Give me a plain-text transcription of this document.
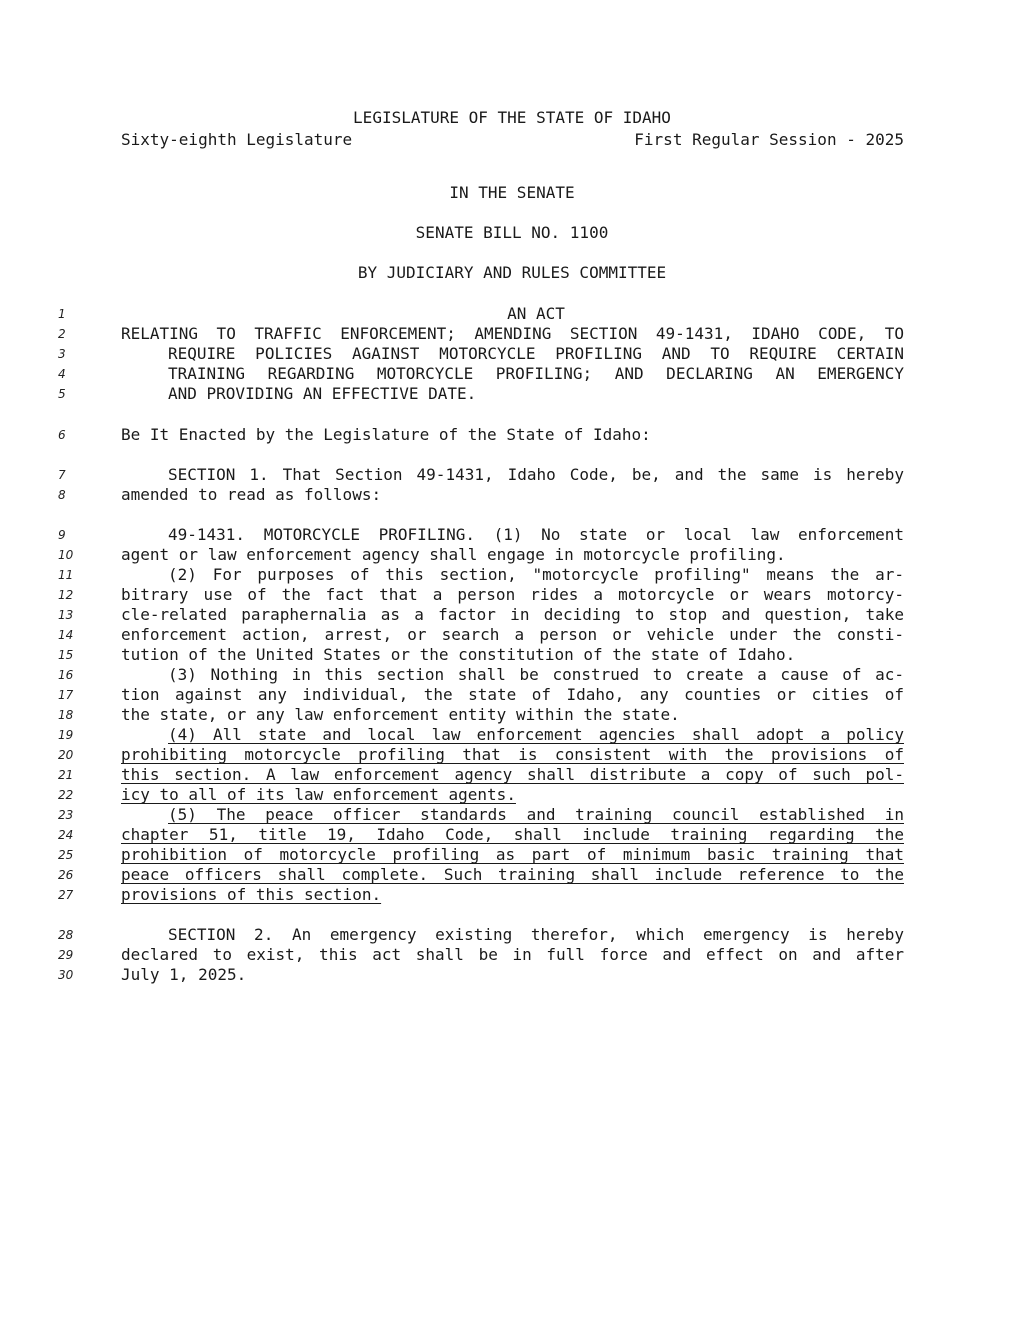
LEGISLATURE OF THE STATE OF IDAHO
Sixty-eighth Legislature	First Regular Session - 2025
IN THE SENATE
SENATE BILL NO. 1100
BY JUDICIARY AND RULES COMMITTEE
1	AN ACT
2	RELATING TO TRAFFIC ENFORCEMENT; AMENDING SECTION 49-1431, IDAHO CODE, TO
3	REQUIRE POLICIES AGAINST MOTORCYCLE PROFILING AND TO REQUIRE CERTAIN
4	TRAINING REGARDING MOTORCYCLE PROFILING; AND DECLARING AN EMERGENCY
5	AND PROVIDING AN EFFECTIVE DATE.
6	Be It Enacted by the Legislature of the State of Idaho:
7	SECTION 1. That Section 49-1431, Idaho Code, be, and the same is hereby
8	amended to read as follows:
9	49-1431. MOTORCYCLE PROFILING. (1) No state or local law enforcement
10	agent or law enforcement agency shall engage in motorcycle profiling.
11	(2) For purposes of this section, "motorcycle profiling" means the ar-
12	bitrary use of the fact that a person rides a motorcycle or wears motorcy-
13	cle-related paraphernalia as a factor in deciding to stop and question, take
14	enforcement action, arrest, or search a person or vehicle under the consti-
15	tution of the United States or the constitution of the state of Idaho.
16	(3) Nothing in this section shall be construed to create a cause of ac-
17	tion against any individual, the state of Idaho, any counties or cities of
18	the state, or any law enforcement entity within the state.
19	(4) All state and local law enforcement agencies shall adopt a policy
20	prohibiting motorcycle profiling that is consistent with the provisions of
21	this section. A law enforcement agency shall distribute a copy of such pol-
22	icy to all of its law enforcement agents.
23	(5) The peace officer standards and training council established in
24	chapter 51, title 19, Idaho Code, shall include training regarding the
25	prohibition of motorcycle profiling as part of minimum basic training that
26	peace officers shall complete. Such training shall include reference to the
27	provisions of this section.
28	SECTION 2. An emergency existing therefor, which emergency is hereby
29	declared to exist, this act shall be in full force and effect on and after
30	July 1, 2025.
